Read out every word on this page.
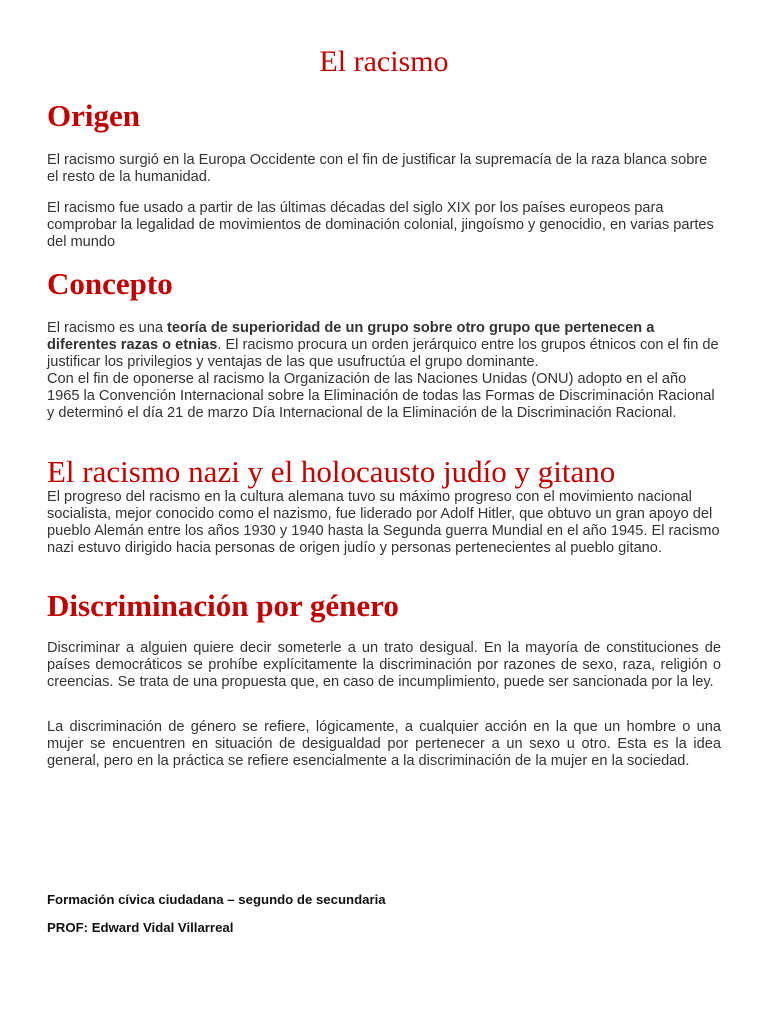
El racismo
Origen

El racismo surgió en la Europa Occidente con el fin de justificar la supremacía de la raza blanca sobre el resto de la humanidad.

El racismo fue usado a partir de las últimas décadas del siglo XIX por los países europeos para comprobar la legalidad de movimientos de dominación colonial, jingoísmo y genocidio, en varias partes del mundo

Concepto

El racismo es una teoría de superioridad de un grupo sobre otro grupo que pertenecen a diferentes razas o etnias. El racismo procura un orden jerárquico entre los grupos étnicos con el fin de justificar los privilegios y ventajas de las que usufructúa el grupo dominante.
Con el fin de oponerse al racismo la Organización de las Naciones Unidas (ONU) adopto en el año 1965 la Convención Internacional sobre la Eliminación de todas las Formas de Discriminación Racional y determinó el día 21 de marzo Día Internacional de la Eliminación de la Discriminación Racional.

El racismo nazi y el holocausto judío y gitano

El progreso del racismo en la cultura alemana tuvo su máximo progreso con el movimiento nacional socialista, mejor conocido como el nazismo, fue liderado por Adolf Hitler, que obtuvo un gran apoyo del pueblo Alemán entre los años 1930 y 1940 hasta la Segunda guerra Mundial en el año 1945. El racismo nazi estuvo dirigido hacia personas de origen judío y personas pertenecientes al pueblo gitano.

Discriminación por género

Discriminar a alguien quiere decir someterle a un trato desigual. En la mayoría de constituciones de países democráticos se prohíbe explícitamente la discriminación por razones de sexo, raza, religión o creencias. Se trata de una propuesta que, en caso de incumplimiento, puede ser sancionada por la ley.

La discriminación de género se refiere, lógicamente, a cualquier acción en la que un hombre o una mujer se encuentren en situación de desigualdad por pertenecer a un sexo u otro. Esta es la idea general, pero en la práctica se refiere esencialmente a la discriminación de la mujer en la sociedad.

Formación cívica ciudadana – segundo de secundaria

PROF: Edward Vidal Villarreal
